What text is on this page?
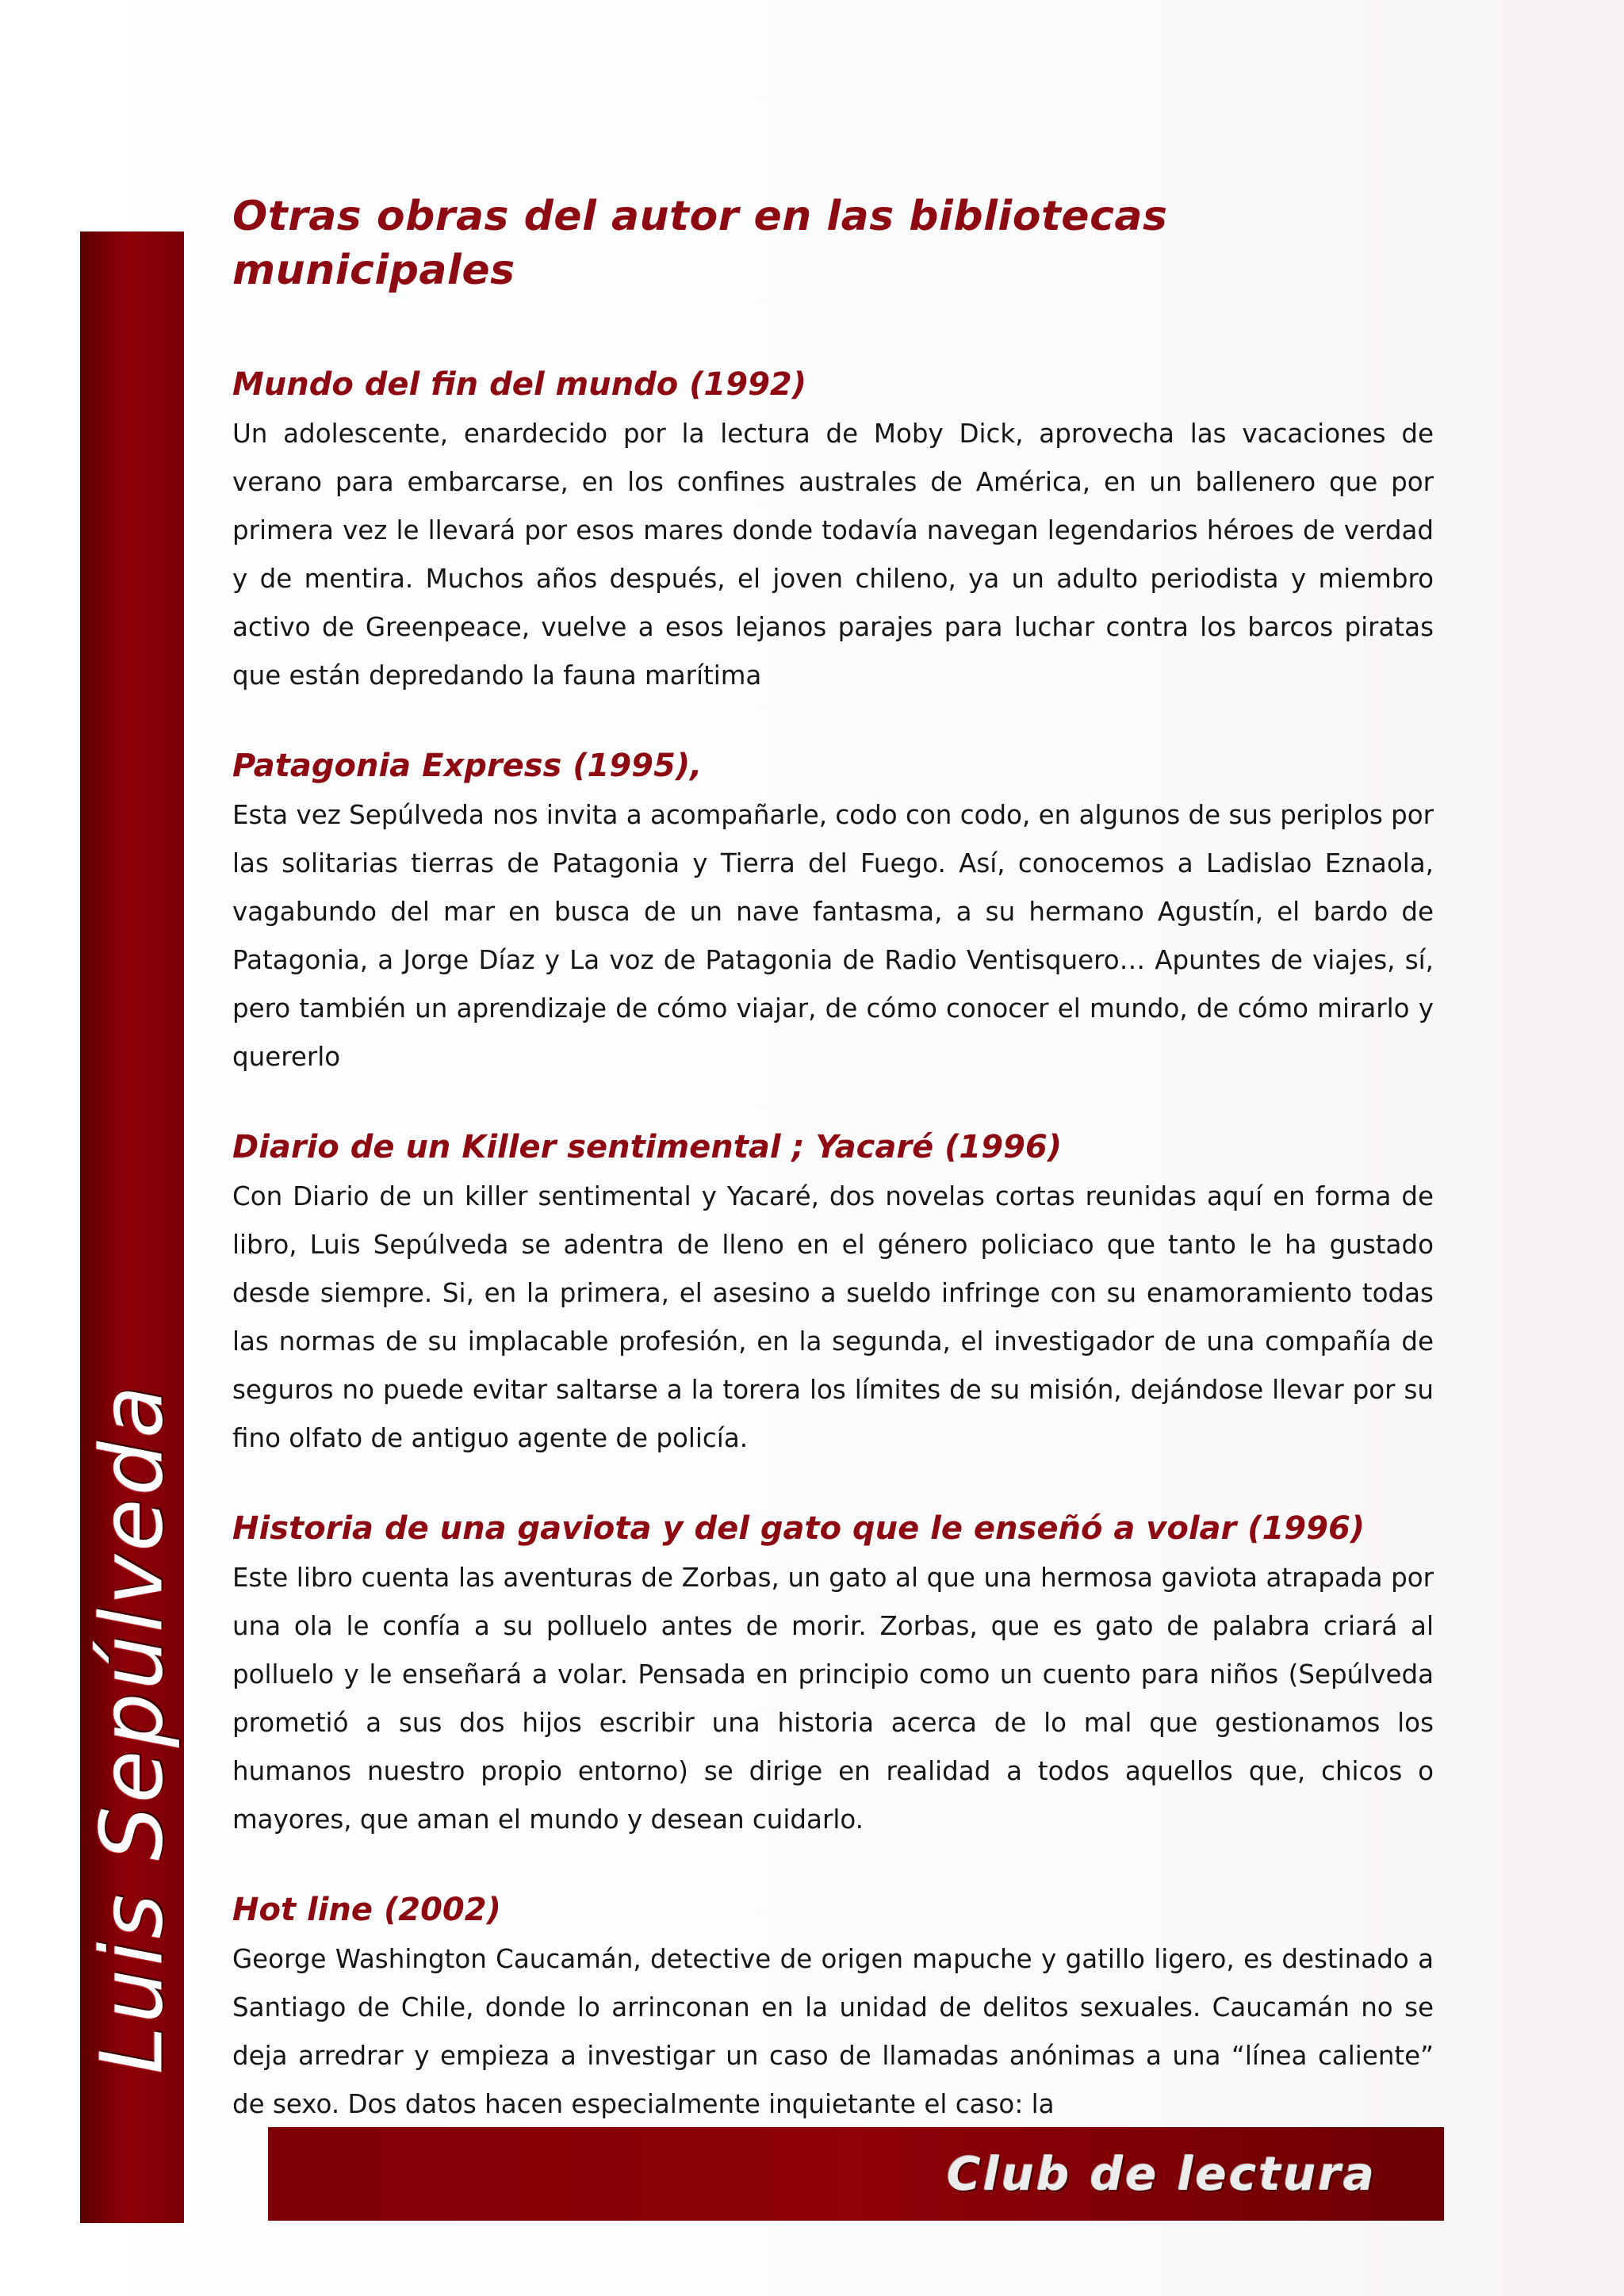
Luis Sepúlveda
Otras obras del autor en las bibliotecas municipales
Mundo del fin del mundo (1992)

Un adolescente, enardecido por la lectura de Moby Dick, aprovecha las vacaciones de verano para embarcarse, en los confines australes de América, en un ballenero que por primera vez le llevará por esos mares donde todavía navegan legendarios héroes de verdad y de mentira. Muchos años después, el joven chileno, ya un adulto periodista y miembro activo de Greenpeace, vuelve a esos lejanos parajes para luchar contra los barcos piratas que están depredando la fauna marítima

Patagonia Express (1995),

Esta vez Sepúlveda nos invita a acompañarle, codo con codo, en algunos de sus periplos por las solitarias tierras de Patagonia y Tierra del Fuego. Así, conocemos a Ladislao Eznaola, vagabundo del mar en busca de un nave fantasma, a su hermano Agustín, el bardo de Patagonia, a Jorge Díaz y La voz de Patagonia de Radio Ventisquero… Apuntes de viajes, sí, pero también un aprendizaje de cómo viajar, de cómo conocer el mundo, de cómo mirarlo y quererlo

Diario de un Killer sentimental ; Yacaré (1996)

Con Diario de un killer sentimental y Yacaré, dos novelas cortas reunidas aquí en forma de libro, Luis Sepúlveda se adentra de lleno en el género policiaco que tanto le ha gustado desde siempre. Si, en la primera, el asesino a sueldo infringe con su enamoramiento todas las normas de su implacable profesión, en la segunda, el investigador de una compañía de seguros no puede evitar saltarse a la torera los límites de su misión, dejándose llevar por su fino olfato de antiguo agente de policía.

Historia de una gaviota y del gato que le enseñó a volar (1996)

Este libro cuenta las aventuras de Zorbas, un gato al que una hermosa gaviota atrapada por una ola le confía a su polluelo antes de morir. Zorbas, que es gato de palabra criará al polluelo y le enseñará a volar. Pensada en principio como un cuento para niños (Sepúlveda prometió a sus dos hijos escribir una historia acerca de lo mal que gestionamos los humanos nuestro propio entorno) se dirige en realidad a todos aquellos que, chicos o mayores, que aman el mundo y desean cuidarlo.

Hot line (2002)

George Washington Caucamán, detective de origen mapuche y gatillo ligero, es destinado a Santiago de Chile, donde lo arrinconan en la unidad de delitos sexuales. Caucamán no se deja arredrar y empieza a investigar un caso de llamadas anónimas a una “línea caliente” de sexo. Dos datos hacen especialmente inquietante el caso: la

Club de lectura
